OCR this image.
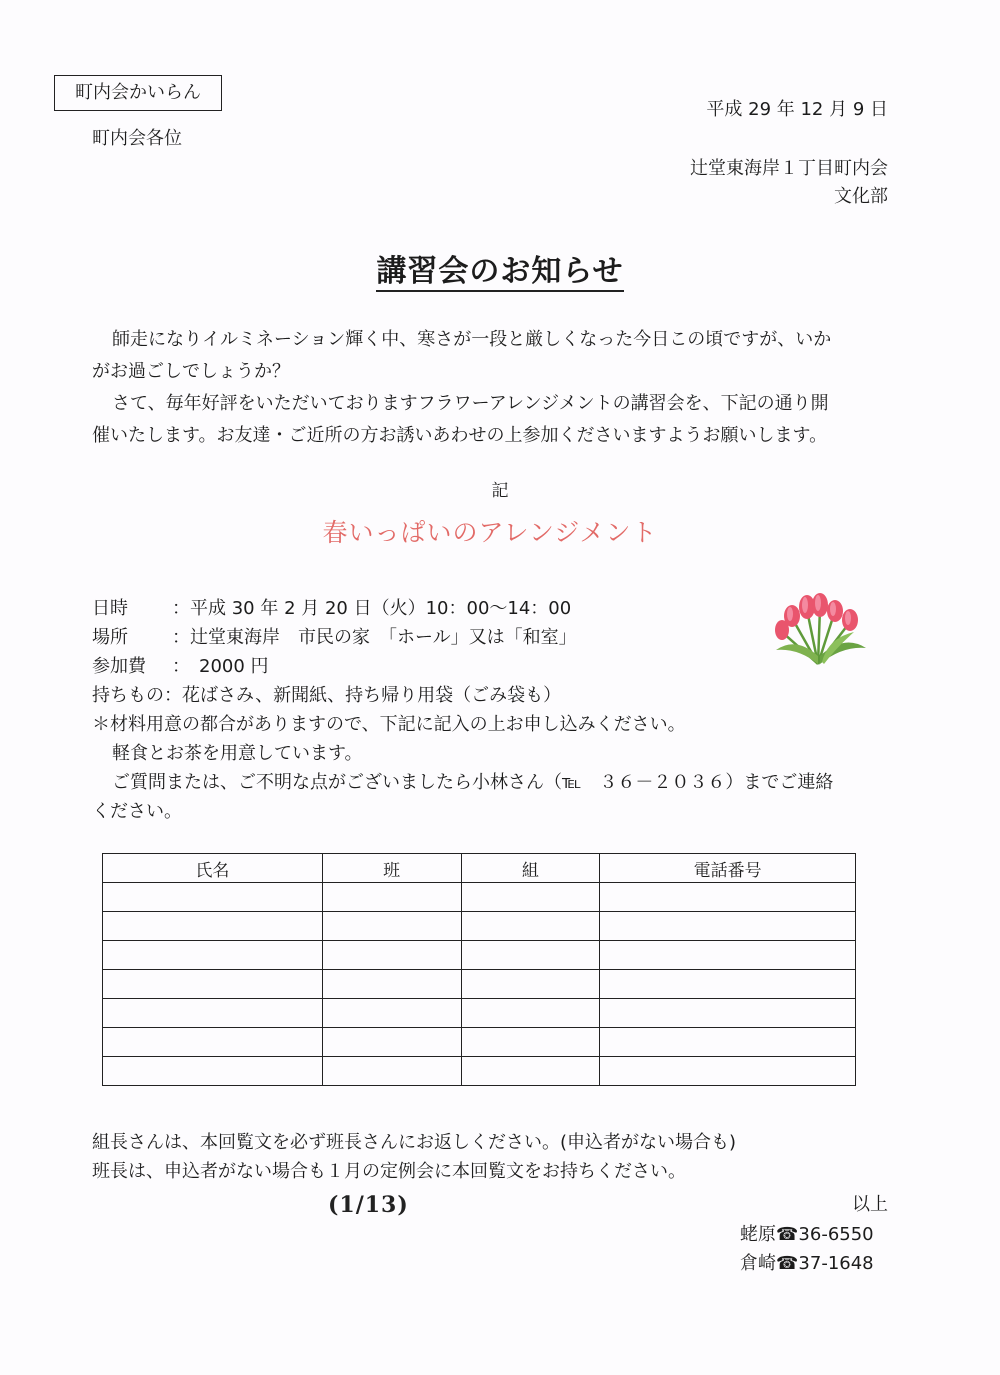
町内会かいらん
町内会各位
平成 29 年 12 月 9 日
辻堂東海岸１丁目町内会
文化部
講習会のお知らせ
師走になりイルミネーション輝く中、寒さが一段と厳しくなった今日この頃ですが、いか
がお過ごしでしょうか？
さて、毎年好評をいただいておりますフラワーアレンジメントの講習会を、下記の通り開
催いたします。お友達・ご近所の方お誘いあわせの上参加くださいますようお願いします。
記
春いっぱいのアレンジメント
日時 ：平成 30 年 2 月 20 日（火）10：00～14：00
場所 ：辻堂東海岸　市民の家　「ホール」又は「和室」
参加費 ：　2000 円
持ちもの：花ばさみ、新聞紙、持ち帰り用袋（ごみ袋も）
＊材料用意の都合がありますので、下記に記入の上お申し込みください。
軽食とお茶を用意しています。
ご質問または、ご不明な点がございましたら小林さん（℡　３６－２０３６）までご連絡
ください。
氏名	班	組	電話番号

組長さんは、本回覧文を必ず班長さんにお返しください。(申込者がない場合も)
班長は、申込者がない場合も１月の定例会に本回覧文をお持ちください。
(1/13)	以上
蛯原☎36-6550
倉崎☎37-1648
